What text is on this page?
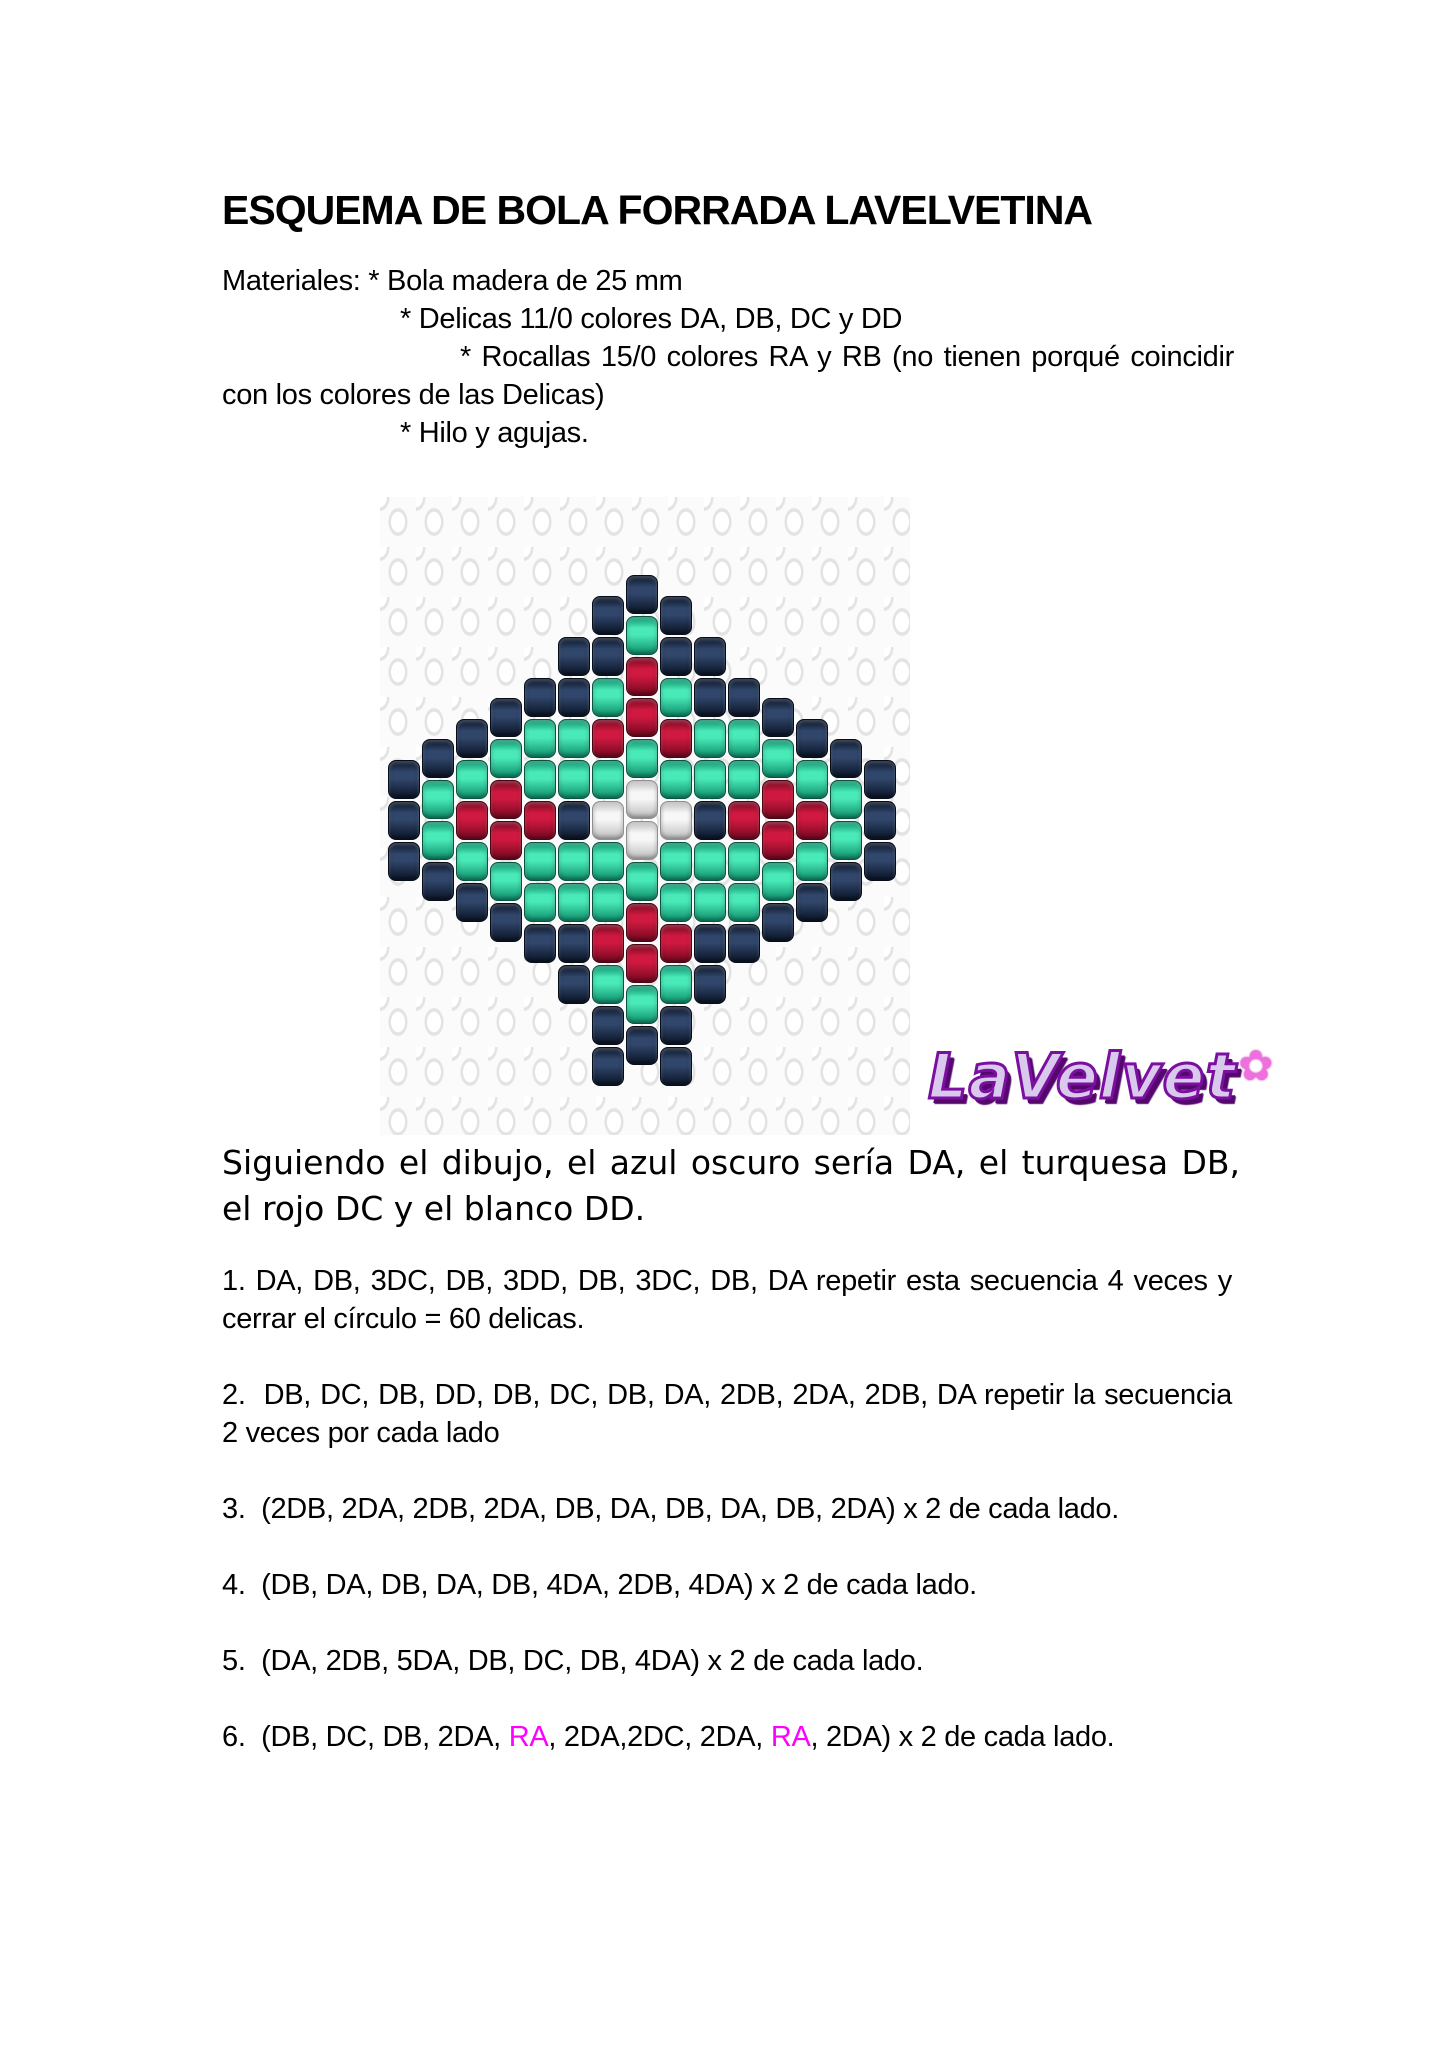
ESQUEMA DE BOLA FORRADA LAVELVETINA

Materiales: * Bola madera de 25 mm

* Delicas 11/0 colores DA, DB, DC y DD

* Rocallas 15/0 colores RA y RB (no tienen porqué coincidir con los colores de las Delicas)

* Hilo y agujas.

LaVelvet✿

Siguiendo el dibujo, el azul oscuro sería DA, el turquesa DB, el rojo DC y el blanco DD.

1. DA, DB, 3DC, DB, 3DD, DB, 3DC, DB, DA repetir esta secuencia 4 veces y cerrar el círculo = 60 delicas.

2.  DB, DC, DB, DD, DB, DC, DB, DA, 2DB, 2DA, 2DB, DA repetir la secuencia 2 veces por cada lado

3.  (2DB, 2DA, 2DB, 2DA, DB, DA, DB, DA, DB, 2DA) x 2 de cada lado.

4.  (DB, DA, DB, DA, DB, 4DA, 2DB, 4DA) x 2 de cada lado.

5.  (DA, 2DB, 5DA, DB, DC, DB, 4DA) x 2 de cada lado.

6.  (DB, DC, DB, 2DA, RA, 2DA,2DC, 2DA, RA, 2DA) x 2 de cada lado.
